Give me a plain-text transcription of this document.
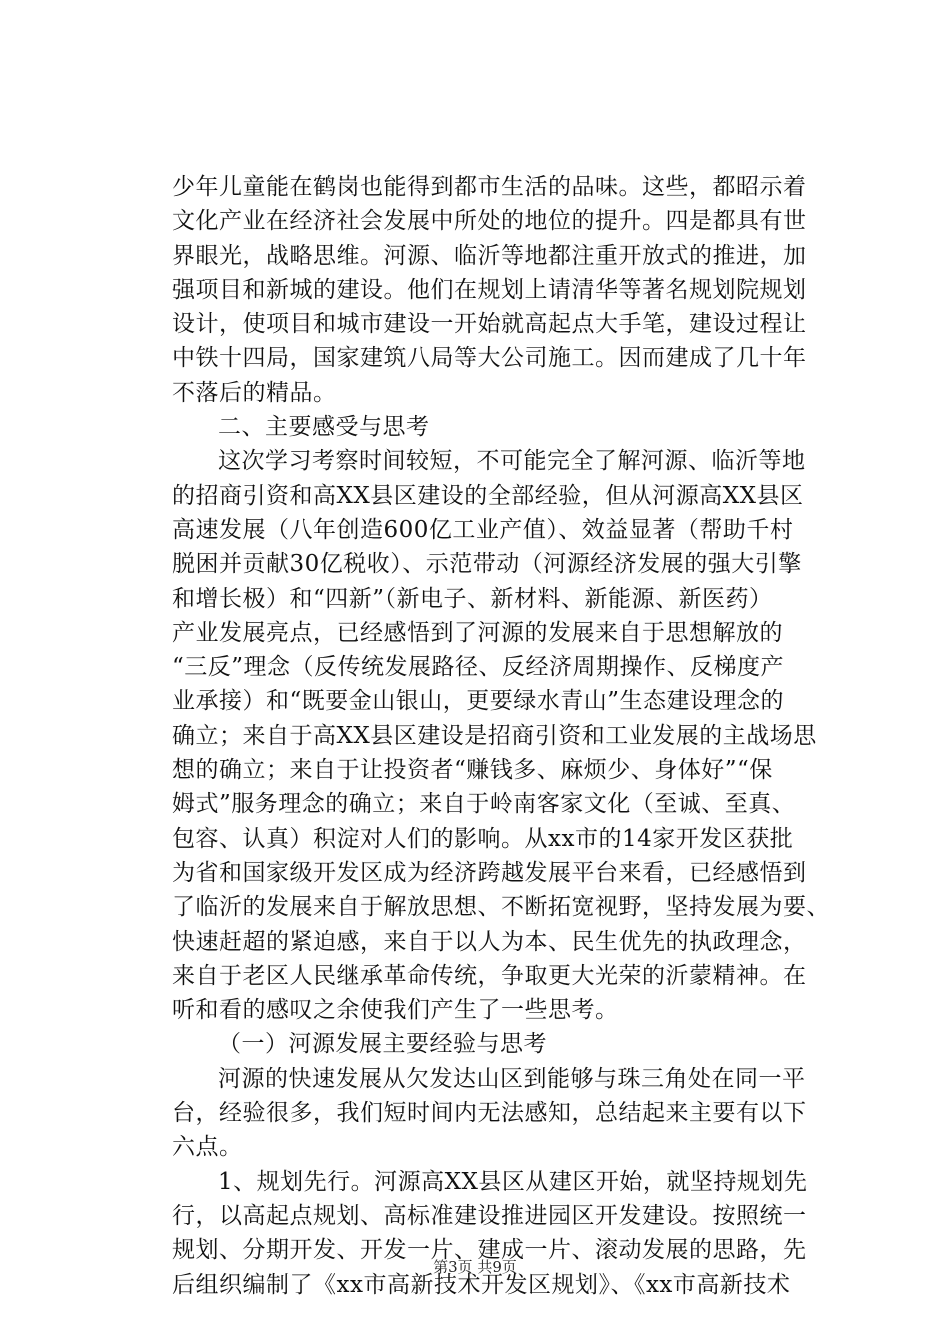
少年儿童能在鹤岗也能得到都市生活的品味。这些，都昭示着
文化产业在经济社会发展中所处的地位的提升。四是都具有世
界眼光，战略思维。河源、临沂等地都注重开放式的推进，加
强项目和新城的建设。他们在规划上请清华等著名规划院规划
设计，使项目和城市建设一开始就高起点大手笔，建设过程让
中铁十四局，国家建筑八局等大公司施工。因而建成了几十年
不落后的精品。
二、主要感受与思考
这次学习考察时间较短，不可能完全了解河源、临沂等地
的招商引资和高XX县区建设的全部经验，但从河源高XX县区
高速发展（八年创造600亿工业产值）、效益显著（帮助千村
脱困并贡献30亿税收）、示范带动（河源经济发展的强大引擎
和增长极）和“四新”（新电子、新材料、新能源、新医药）
产业发展亮点，已经感悟到了河源的发展来自于思想解放的
“三反”理念（反传统发展路径、反经济周期操作、反梯度产
业承接）和“既要金山银山，更要绿水青山”生态建设理念的
确立；来自于高XX县区建设是招商引资和工业发展的主战场思
想的确立；来自于让投资者“赚钱多、麻烦少、身体好”“保
姆式”服务理念的确立；来自于岭南客家文化（至诚、至真、
包容、认真）积淀对人们的影响。从xx市的14家开发区获批
为省和国家级开发区成为经济跨越发展平台来看，已经感悟到
了临沂的发展来自于解放思想、不断拓宽视野，坚持发展为要、
快速赶超的紧迫感，来自于以人为本、民生优先的执政理念，
来自于老区人民继承革命传统，争取更大光荣的沂蒙精神。在
听和看的感叹之余使我们产生了一些思考。
（一）河源发展主要经验与思考
河源的快速发展从欠发达山区到能够与珠三角处在同一平
台，经验很多，我们短时间内无法感知，总结起来主要有以下
六点。
1、规划先行。河源高XX县区从建区开始，就坚持规划先
行，以高起点规划、高标准建设推进园区开发建设。按照统一
规划、分期开发、开发一片、建成一片、滚动发展的思路，先
后组织编制了《xx市高新技术开发区规划》、《xx市高新技术
第3页 共9页
